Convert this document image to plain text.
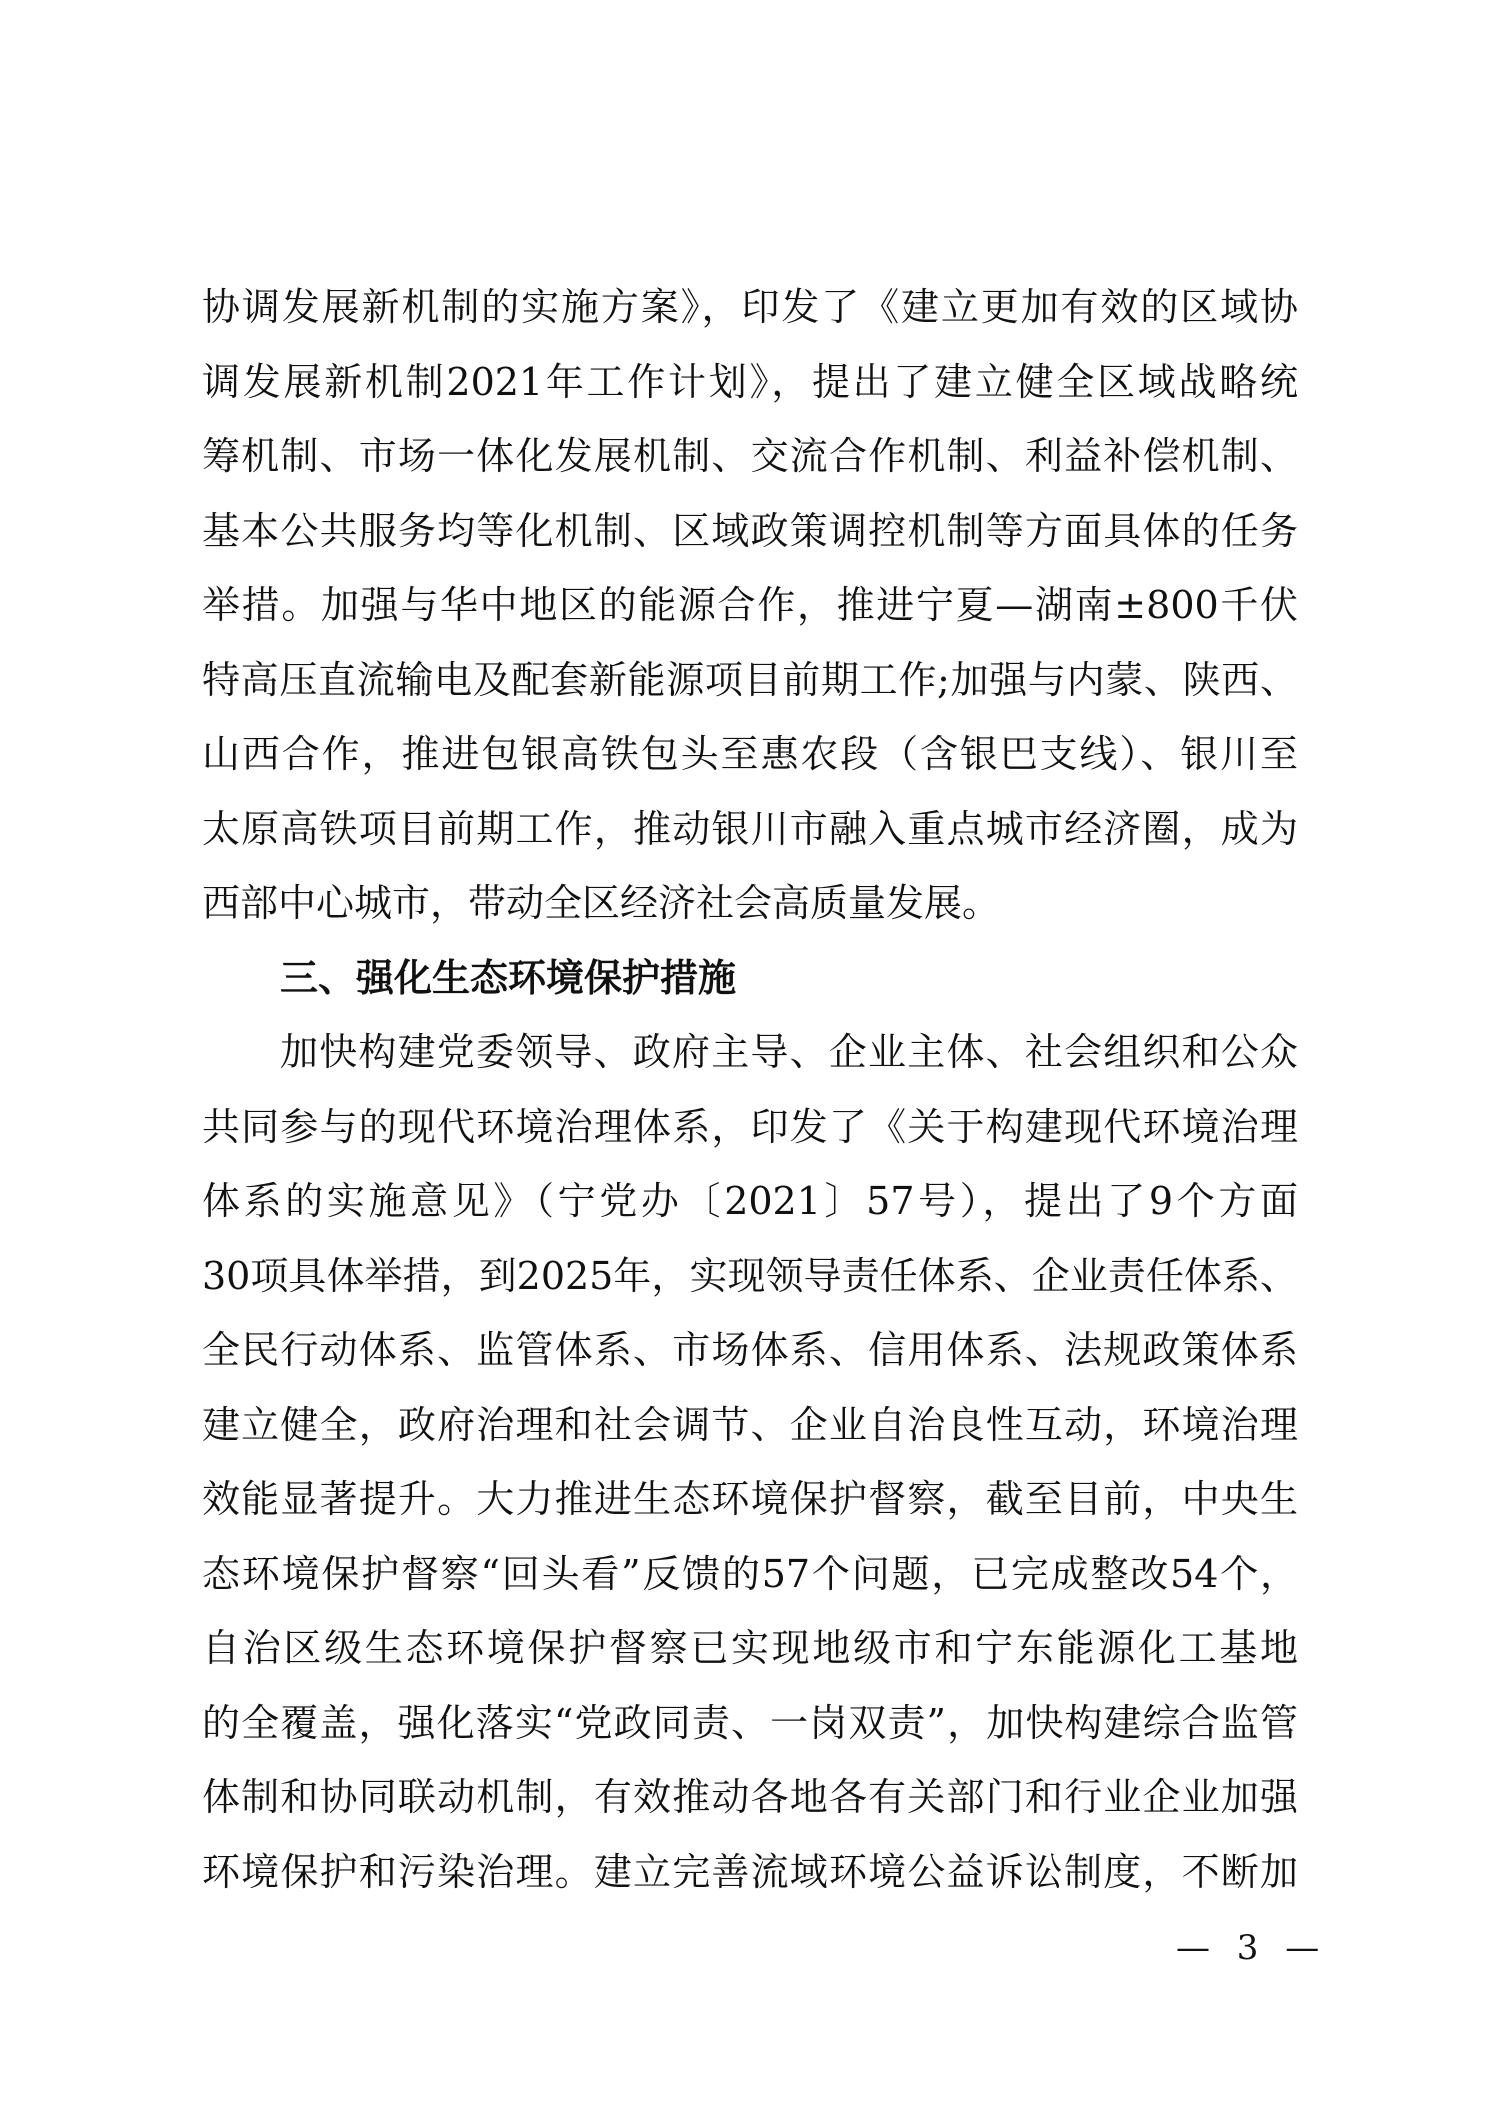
协调发展新机制的实施方案》，印发了《建立更加有效的区域协
调发展新机制2021年工作计划》，提出了建立健全区域战略统
筹机制、市场一体化发展机制、交流合作机制、利益补偿机制、
基本公共服务均等化机制、区域政策调控机制等方面具体的任务
举措。加强与华中地区的能源合作，推进宁夏—湖南±800千伏
特高压直流输电及配套新能源项目前期工作;加强与内蒙、陕西、
山西合作，推进包银高铁包头至惠农段（含银巴支线）、银川至
太原高铁项目前期工作，推动银川市融入重点城市经济圈，成为
西部中心城市，带动全区经济社会高质量发展。
三、强化生态环境保护措施
加快构建党委领导、政府主导、企业主体、社会组织和公众
共同参与的现代环境治理体系，印发了《关于构建现代环境治理
体系的实施意见》（宁党办〔2021〕57号），提出了9个方面
30项具体举措，到2025年，实现领导责任体系、企业责任体系、
全民行动体系、监管体系、市场体系、信用体系、法规政策体系
建立健全，政府治理和社会调节、企业自治良性互动，环境治理
效能显著提升。大力推进生态环境保护督察，截至目前，中央生
态环境保护督察“回头看”反馈的57个问题，已完成整改54个，
自治区级生态环境保护督察已实现地级市和宁东能源化工基地
的全覆盖，强化落实“党政同责、一岗双责”，加快构建综合监管
体制和协同联动机制，有效推动各地各有关部门和行业企业加强
环境保护和污染治理。建立完善流域环境公益诉讼制度，不断加
— 3 —
